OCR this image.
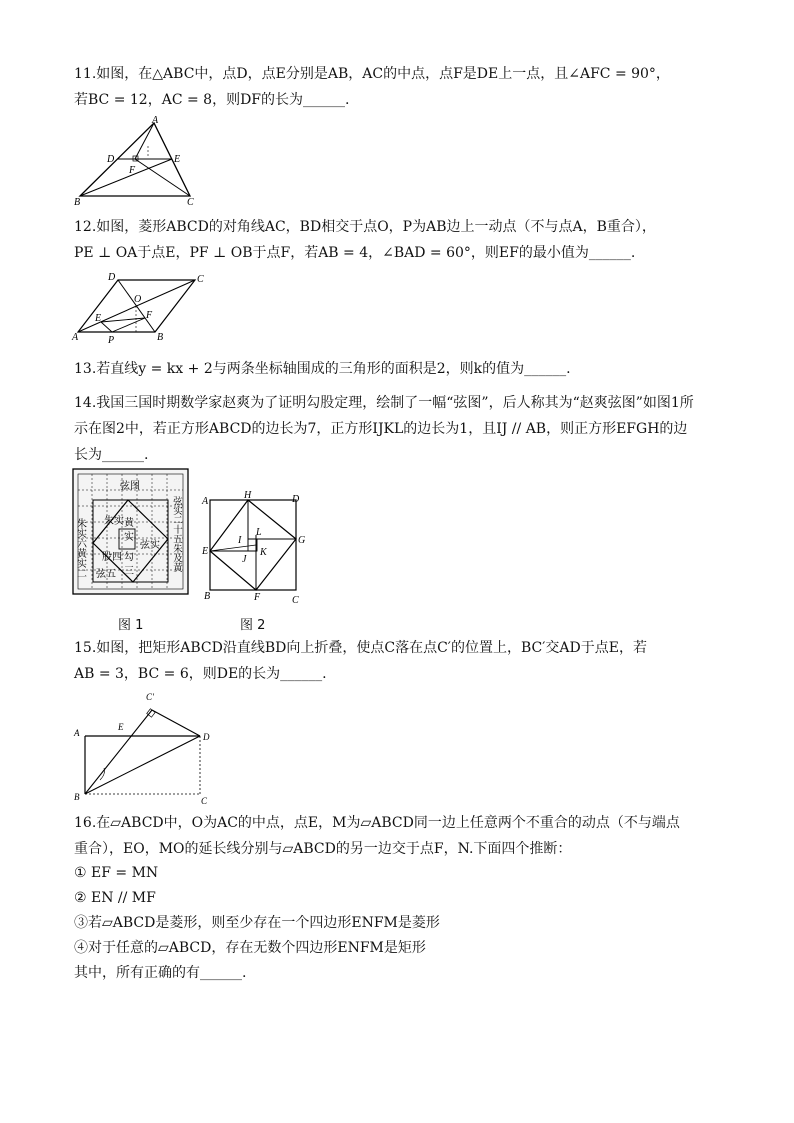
11.如图，在△ABC中，点D，点E分别是AB，AC的中点，点F是DE上一点，且∠AFC = 90°，
若BC = 12，AC = 8，则DF的长为______.
A
D	E
F
B	C
12.如图，菱形ABCD的对角线AC，BD相交于点O，P为AB边上一动点（不与点A，B重合），
PE ⊥ OA于点E，PF ⊥ OB于点F，若AB = 4，∠BAD = 60°，则EF的最小值为______.
A	B
C
D
O
E	F
P
13.若直线y = kx + 2与两条坐标轴围成的三角形的面积是2，则k的值为______.
14.我国三国时期数学家赵爽为了证明勾股定理，绘制了一幅“弦图”，后人称其为“赵爽弦图”如图1所
示在图2中，若正方形ABCD的边长为7，正方形IJKL的边长为1，且IJ // AB，则正方形EFGH的边
长为______.
弦图
朱实六黄实二	弦实二十五朱及黄
朱实 黄
实
弦实
股四 勾
三
弦五
A
H	D
G
E
I
L
K
J
B	F	C
图 1	图 2
15.如图，把矩形ABCD沿直线BD向上折叠，使点C落在点C′的位置上，BC′交AD于点E，若
AB = 3，BC = 6，则DE的长为______.
C′
A
E
D
B	C
16.在▱ABCD中，O为AC的中点，点E，M为▱ABCD同一边上任意两个不重合的动点（不与端点
重合），EO，MO的延长线分别与▱ABCD的另一边交于点F，N.下面四个推断：
① EF = MN
② EN // MF
③若▱ABCD是菱形，则至少存在一个四边形ENFM是菱形
④对于任意的▱ABCD，存在无数个四边形ENFM是矩形
其中，所有正确的有______.
